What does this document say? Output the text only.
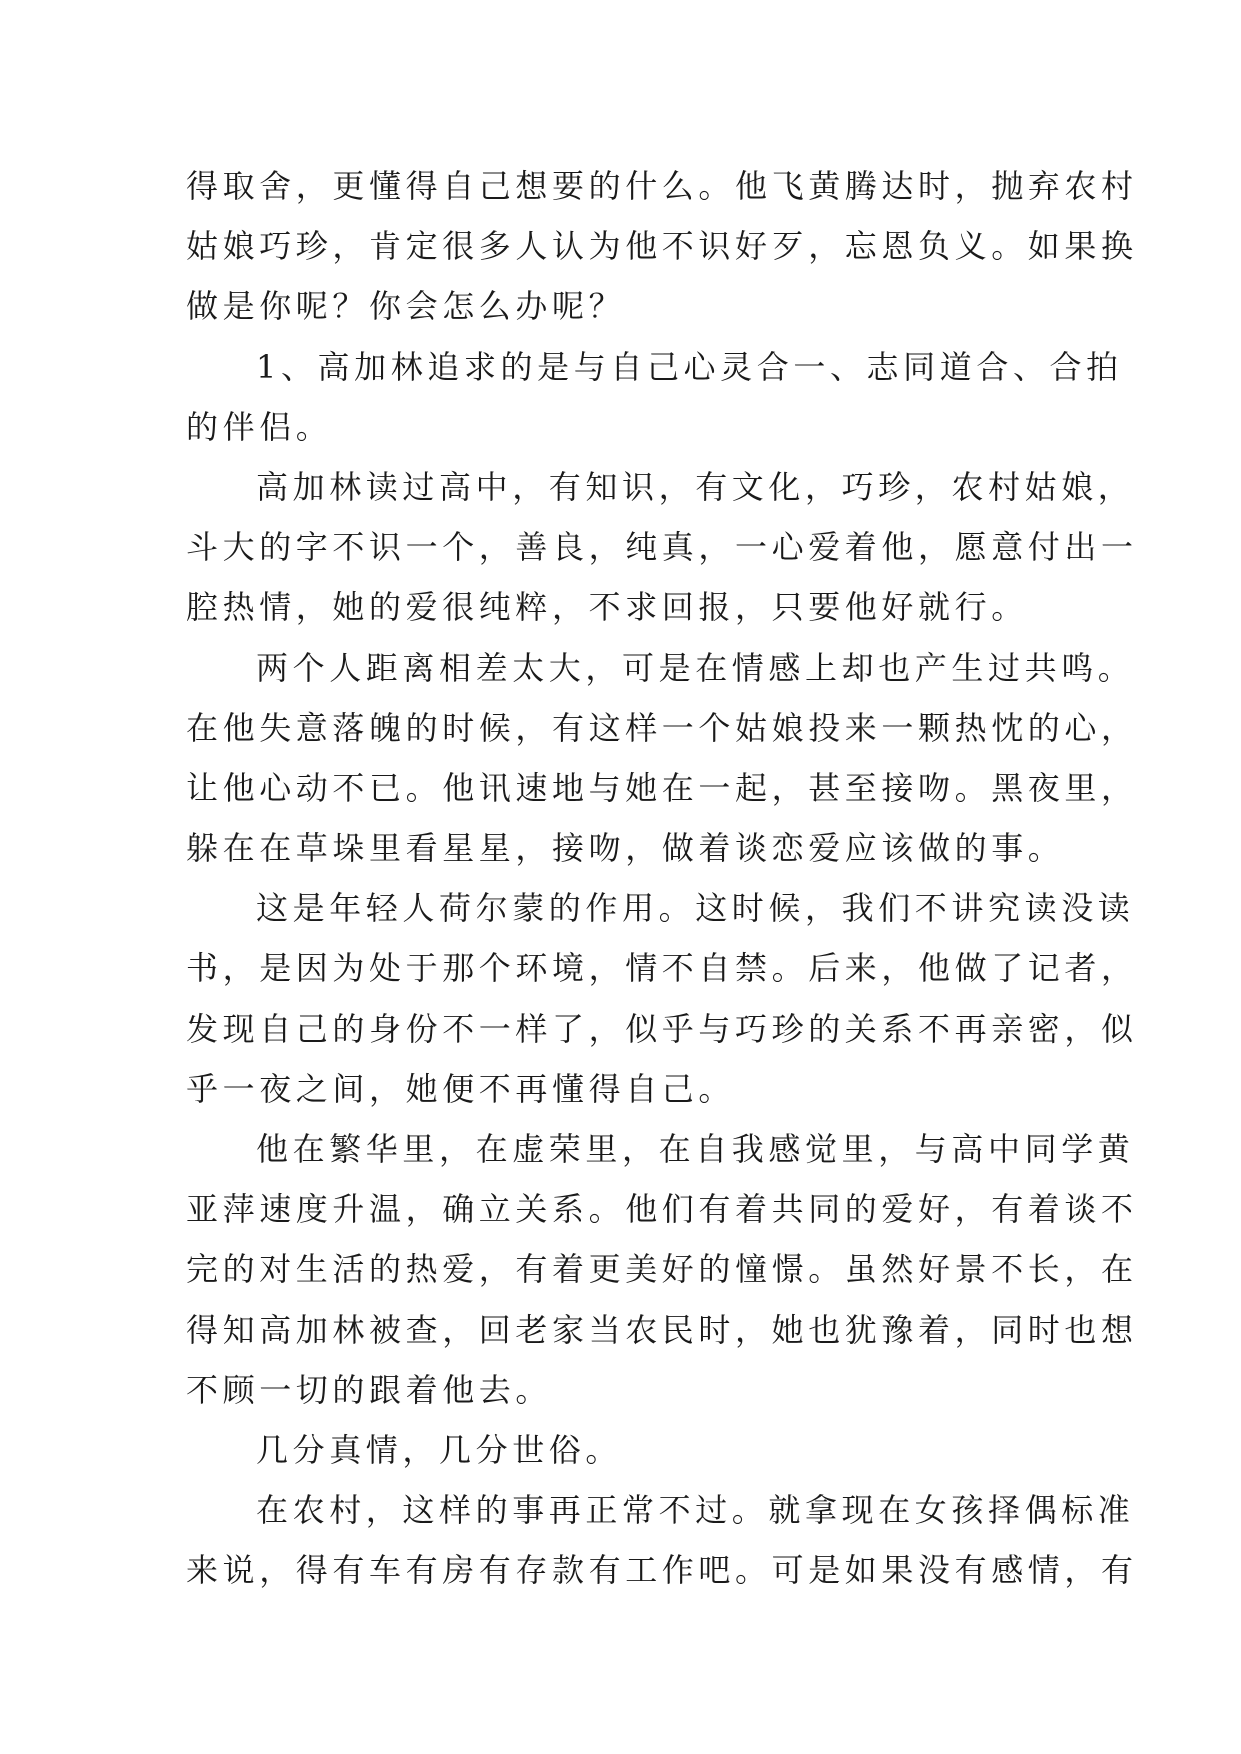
得取舍，更懂得自己想要的什么。他飞黄腾达时，抛弃农村
姑娘巧珍，肯定很多人认为他不识好歹，忘恩负义。如果换
做是你呢？你会怎么办呢？
1、高加林追求的是与自己心灵合一、志同道合、合拍
的伴侣。
高加林读过高中，有知识，有文化，巧珍，农村姑娘，
斗大的字不识一个，善良，纯真，一心爱着他，愿意付出一
腔热情，她的爱很纯粹，不求回报，只要他好就行。
两个人距离相差太大，可是在情感上却也产生过共鸣。
在他失意落魄的时候，有这样一个姑娘投来一颗热忱的心，
让他心动不已。他讯速地与她在一起，甚至接吻。黑夜里，
躲在在草垛里看星星，接吻，做着谈恋爱应该做的事。
这是年轻人荷尔蒙的作用。这时候，我们不讲究读没读
书，是因为处于那个环境，情不自禁。后来，他做了记者，
发现自己的身份不一样了，似乎与巧珍的关系不再亲密，似
乎一夜之间，她便不再懂得自己。
他在繁华里，在虚荣里，在自我感觉里，与高中同学黄
亚萍速度升温，确立关系。他们有着共同的爱好，有着谈不
完的对生活的热爱，有着更美好的憧憬。虽然好景不长，在
得知高加林被查，回老家当农民时，她也犹豫着，同时也想
不顾一切的跟着他去。
几分真情，几分世俗。
在农村，这样的事再正常不过。就拿现在女孩择偶标准
来说，得有车有房有存款有工作吧。可是如果没有感情，有
